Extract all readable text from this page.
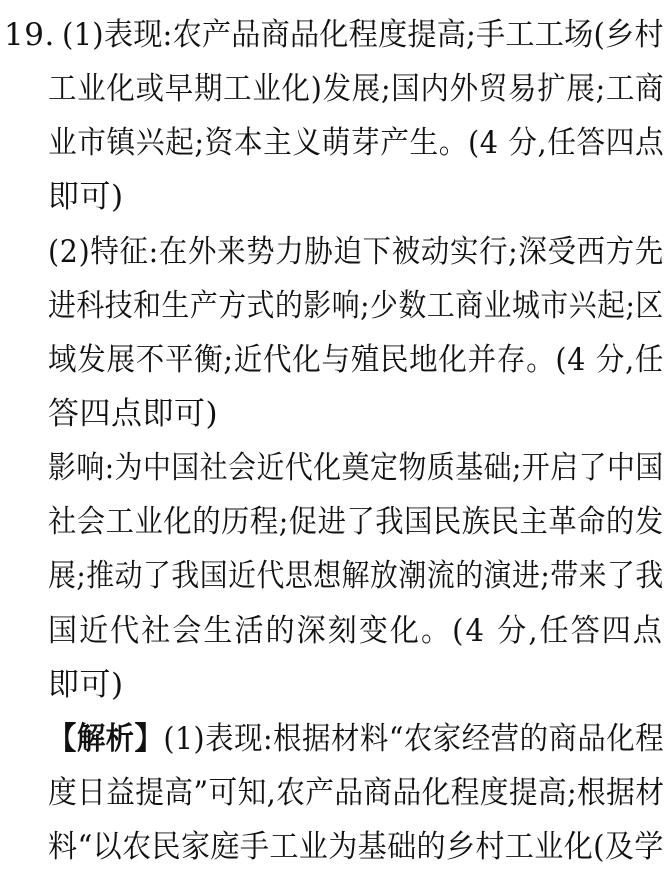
19. (1)表现:农产品商品化程度提高;手工工场(乡村
工业化或早期工业化)发展;国内外贸易扩展;工商
业市镇兴起;资本主义萌芽产生。(4 分,任答四点
即可)
(2)特征:在外来势力胁迫下被动实行;深受西方先
进科技和生产方式的影响;少数工商业城市兴起;区
域发展不平衡;近代化与殖民地化并存。(4 分,任
答四点即可)
影响:为中国社会近代化奠定物质基础;开启了中国
社会工业化的历程;促进了我国民族民主革命的发
展;推动了我国近代思想解放潮流的演进;带来了我
国近代社会生活的深刻变化。(4 分,任答四点
即可)
【解析】(1)表现:根据材料“农家经营的商品化程
度日益提高”可知,农产品商品化程度提高;根据材
料“以农民家庭手工业为基础的乡村工业化(及学
